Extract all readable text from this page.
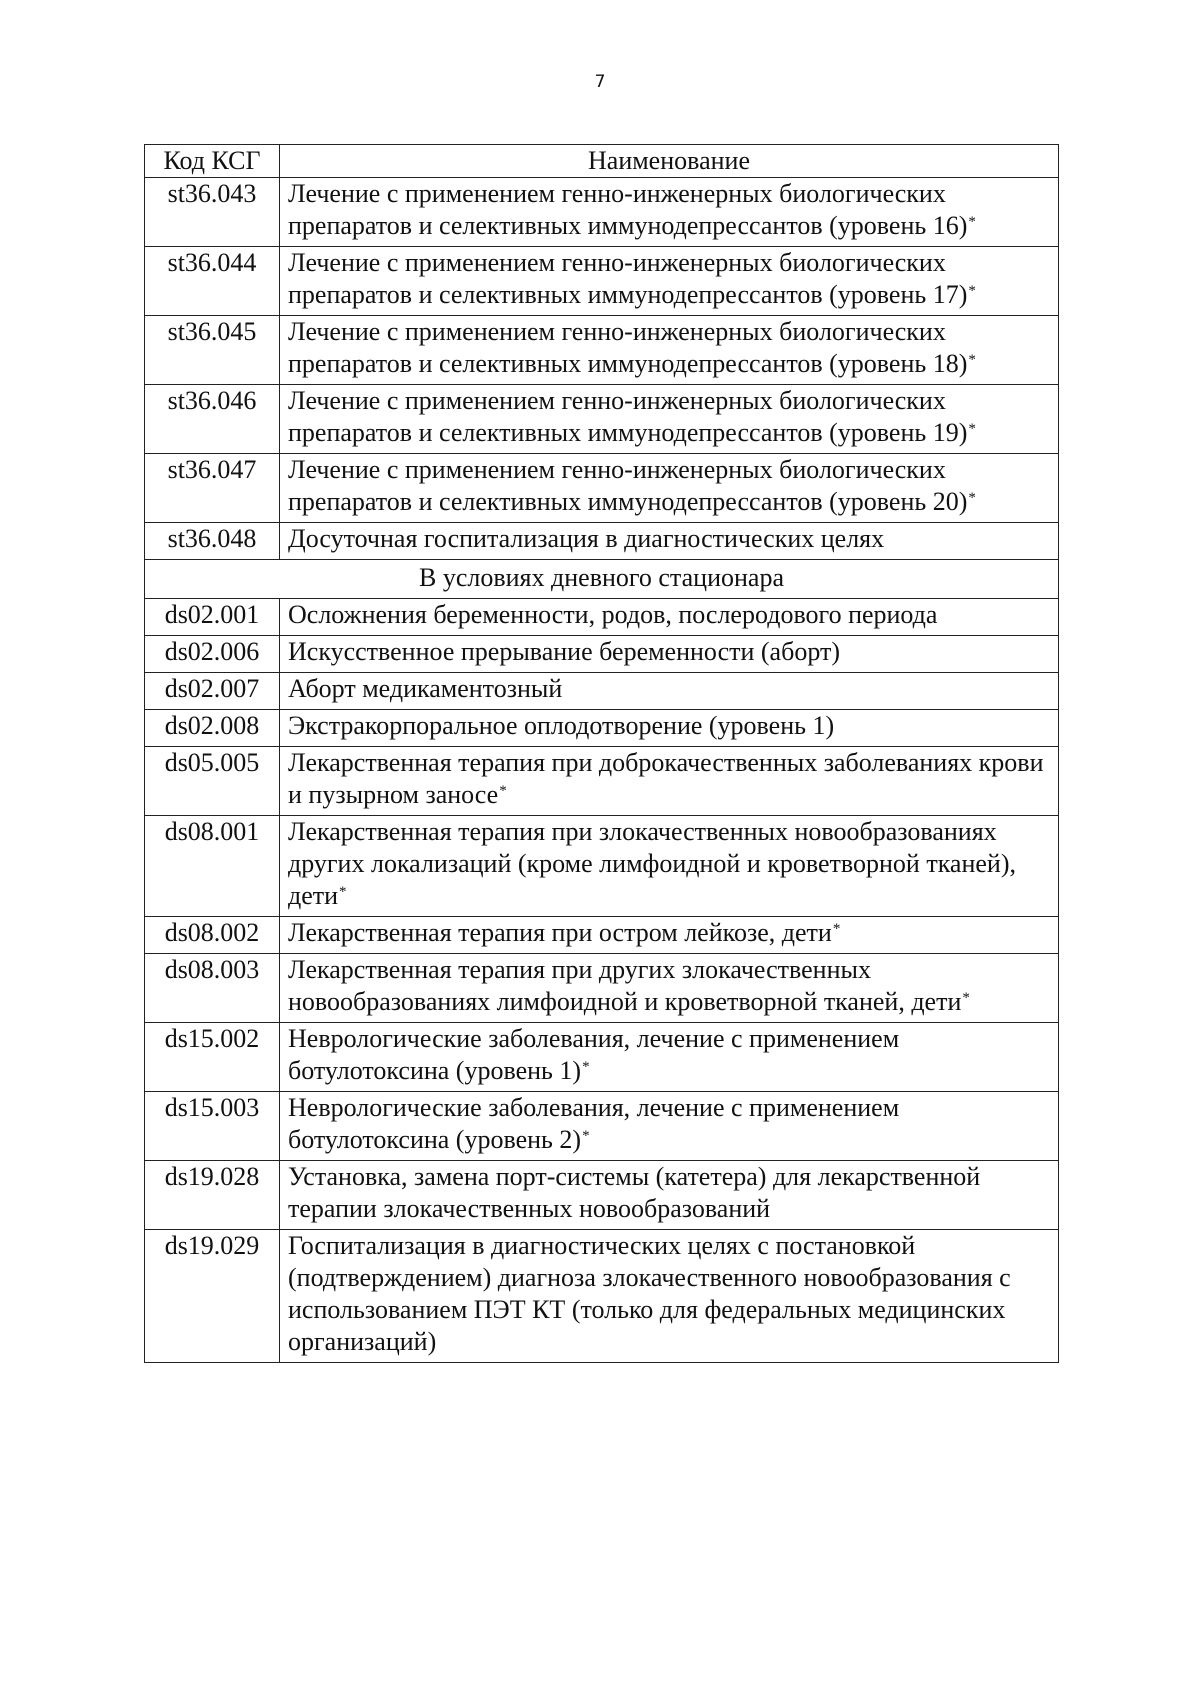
7
Код КСГ	Наименование
st36.043	Лечение с применением генно-инженерных биологических препаратов и селективных иммунодепрессантов (уровень 16)*
st36.044	Лечение с применением генно-инженерных биологических препаратов и селективных иммунодепрессантов (уровень 17)*
st36.045	Лечение с применением генно-инженерных биологических препаратов и селективных иммунодепрессантов (уровень 18)*
st36.046	Лечение с применением генно-инженерных биологических препаратов и селективных иммунодепрессантов (уровень 19)*
st36.047	Лечение с применением генно-инженерных биологических препаратов и селективных иммунодепрессантов (уровень 20)*
st36.048	Досуточная госпитализация в диагностических целях
В условиях дневного стационара	
ds02.001	Осложнения беременности, родов, послеродового периода
ds02.006	Искусственное прерывание беременности (аборт)
ds02.007	Аборт медикаментозный
ds02.008	Экстракорпоральное оплодотворение (уровень 1)
ds05.005	Лекарственная терапия при доброкачественных заболеваниях крови и пузырном заносе*
ds08.001	Лекарственная терапия при злокачественных новообразованиях других локализаций (кроме лимфоидной и кроветворной тканей), дети*
ds08.002	Лекарственная терапия при остром лейкозе, дети*
ds08.003	Лекарственная терапия при других злокачественных новообразованиях лимфоидной и кроветворной тканей, дети*
ds15.002	Неврологические заболевания, лечение с применением ботулотоксина (уровень 1)*
ds15.003	Неврологические заболевания, лечение с применением ботулотоксина (уровень 2)*
ds19.028	Установка, замена порт-системы (катетера) для лекарственной терапии злокачественных новообразований
ds19.029	Госпитализация в диагностических целях с постановкой (подтверждением) диагноза злокачественного новообразования с использованием ПЭТ КТ (только для федеральных медицинских организаций)
